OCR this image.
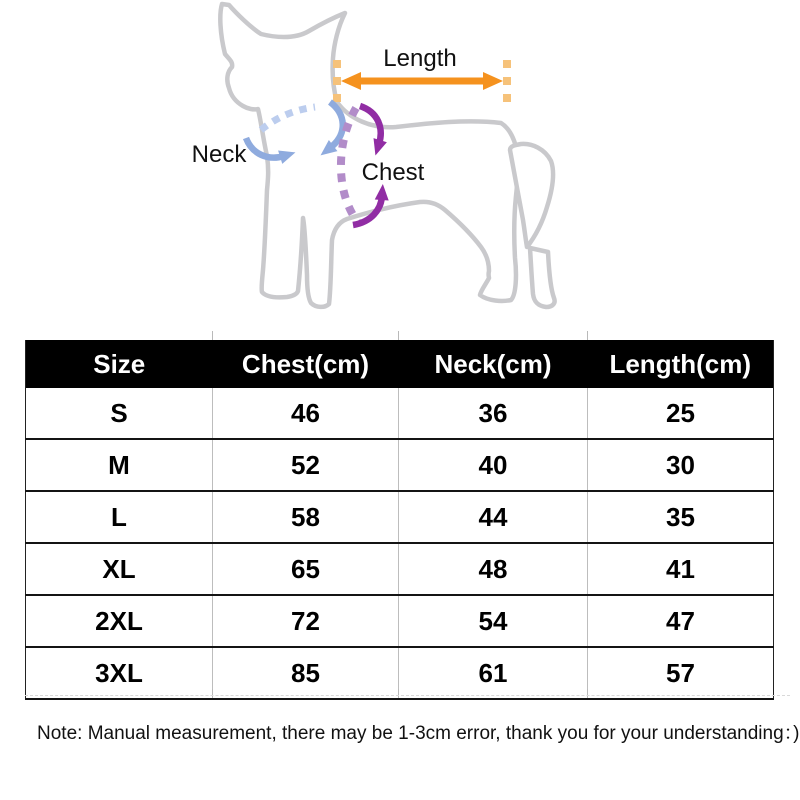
Length
Neck
Chest
Size	Chest(cm)	Neck(cm)	Length(cm)
S	46	36	25
M	52	40	30
L	58	44	35
XL	65	48	41
2XL	72	54	47
3XL	85	61	57

Note: Manual measurement, there may be 1-3cm error, thank you for your understanding：)
